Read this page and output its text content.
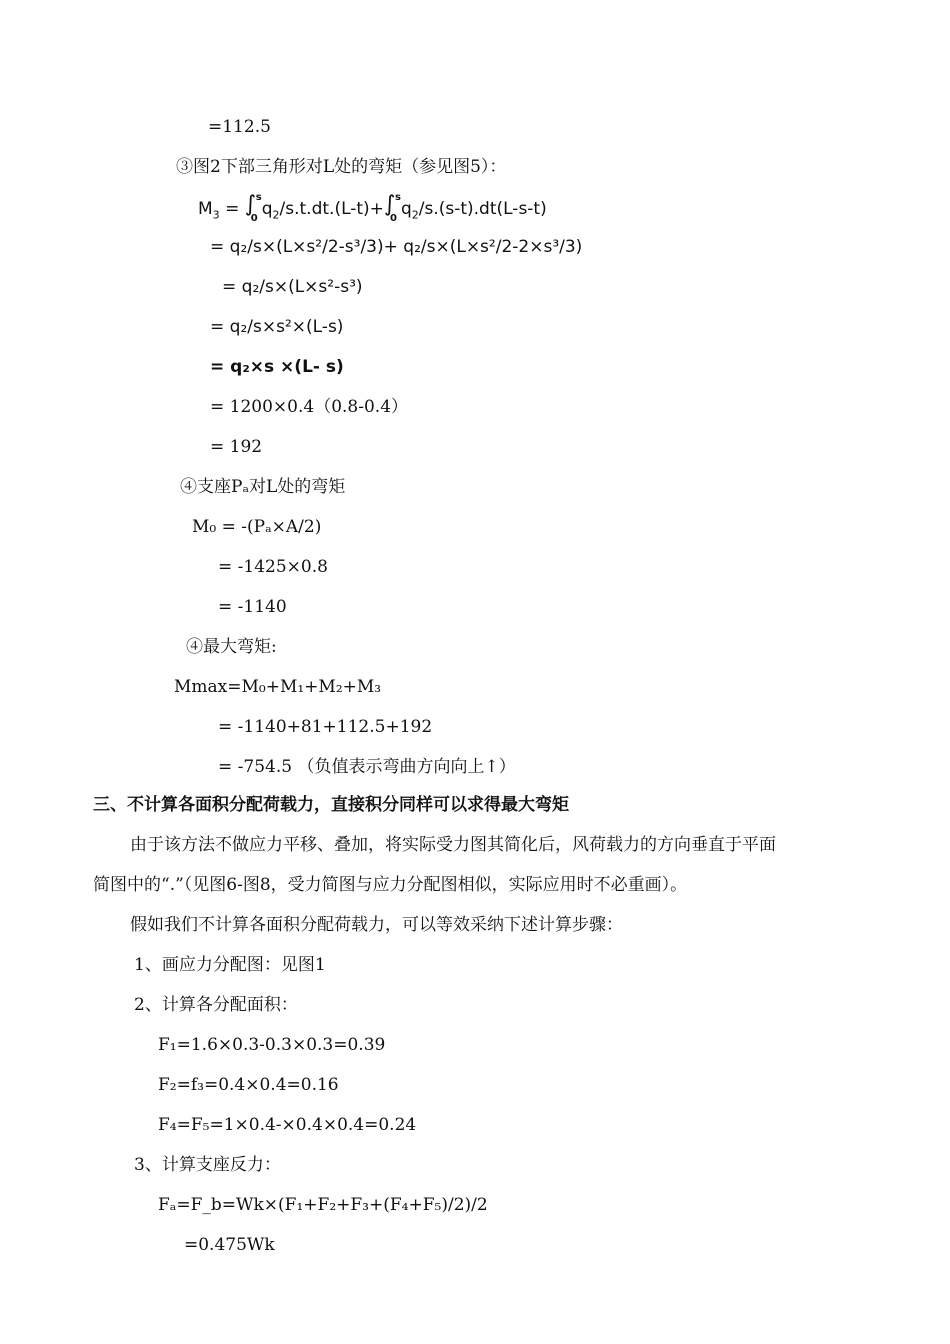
=112.5
③图2下部三角形对L处的弯矩（参见图5）：
$M_3$ = ∫ s
0 $q_2/s.t.dt.(L-t)+$ ∫ s
0 $q_2/s.(s-t).dt(L-s-t)$
= q₂/s×(L×s²/2-s³/3)+ q₂/s×(L×s²/2-2×s³/3)
= q₂/s×(L×s²-s³)
= q₂/s×s²×(L-s)
= q₂×s ×(L- s)
= 1200×0.4（0.8-0.4）
= 192
④支座Pₐ对L处的弯矩
M₀ = -(Pₐ×A/2)
= -1425×0.8
= -1140
④最大弯矩:
Mmax=M₀+M₁+M₂+M₃
= -1140+81+112.5+192
= -754.5 （负值表示弯曲方向向上↑）
三、不计算各面积分配荷载力，直接积分同样可以求得最大弯矩
由于该方法不做应力平移、叠加，将实际受力图其简化后，风荷载力的方向垂直于平面
简图中的“.”（见图6-图8，受力简图与应力分配图相似，实际应用时不必重画）。
假如我们不计算各面积分配荷载力，可以等效采纳下述计算步骤：
1、画应力分配图：见图1
2、计算各分配面积：
F₁=1.6×0.3-0.3×0.3=0.39
F₂=f₃=0.4×0.4=0.16
F₄=F₅=1×0.4-×0.4×0.4=0.24
3、计算支座反力：
Fₐ=F_b=Wk×(F₁+F₂+F₃+(F₄+F₅)/2)/2
=0.475Wk
